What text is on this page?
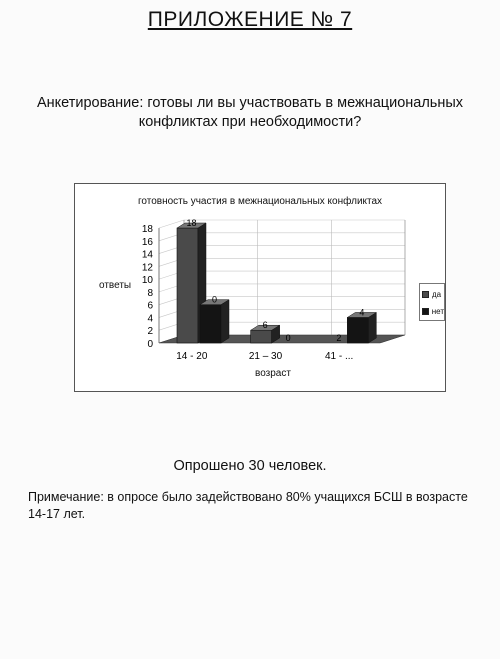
ПРИЛОЖЕНИЕ № 7
Анкетирование: готовы ли вы участвовать в межнациональных конфликтах при необходимости?
0
2
4
6
8
10
12
14
16
18
18
0
14 - 20
6
0
21 – 30
2
4
41 - ...
готовность участия в межнациональных конфликтах
ответы
возраст
да
нет
Опрошено 30 человек.
Примечание: в опросе было задействовано 80% учащихся БСШ в возрасте 14-17 лет.
